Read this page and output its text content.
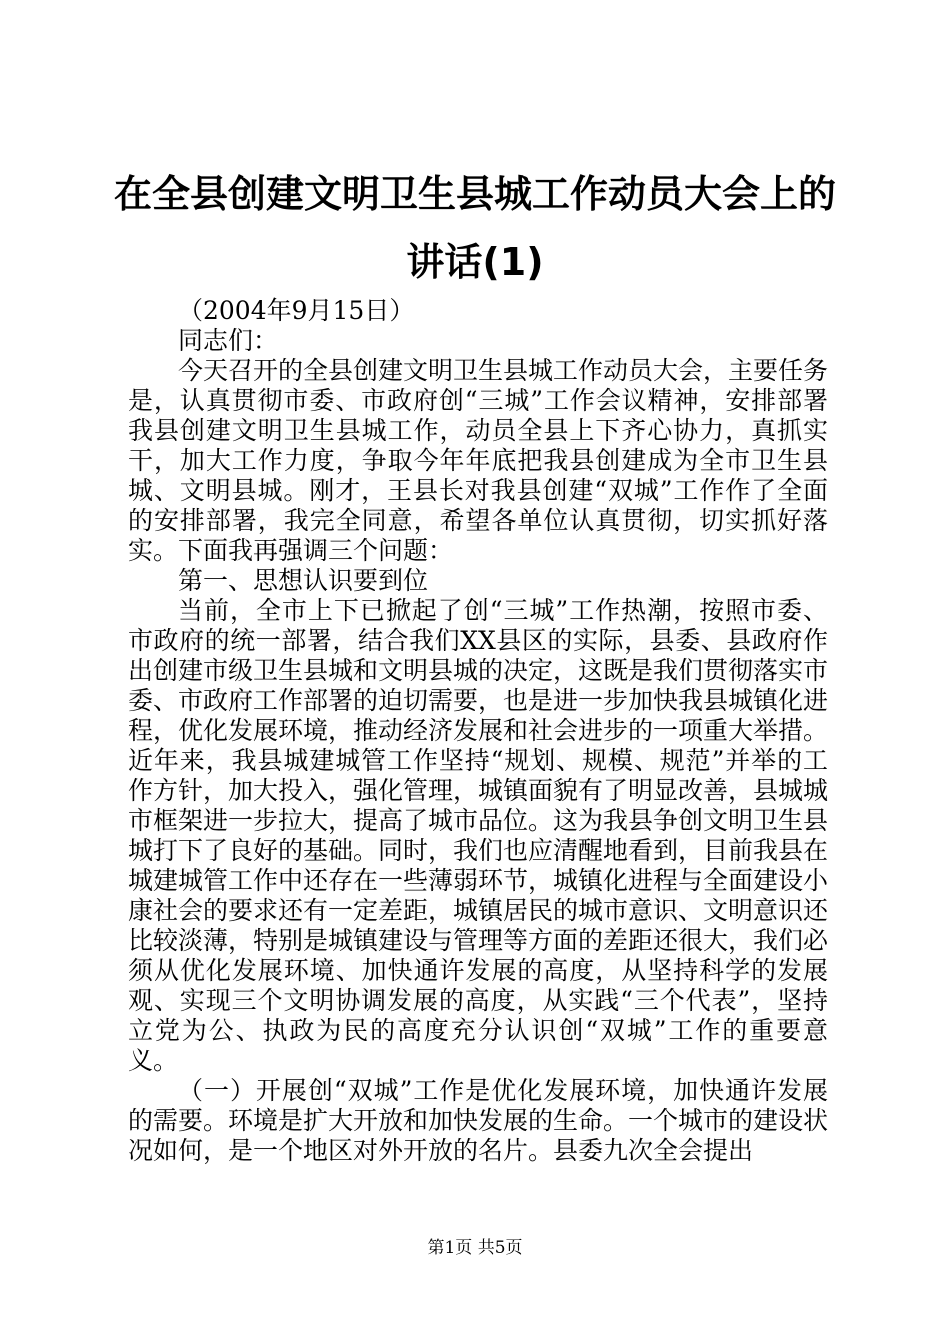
在全县创建文明卫生县城工作动员大会上的讲话(1)

（2004年9月15日）

同志们：

今天召开的全县创建文明卫生县城工作动员大会，主要任务是，认真贯彻市委、市政府创“三城”工作会议精神，安排部署我县创建文明卫生县城工作，动员全县上下齐心协力，真抓实干，加大工作力度，争取今年年底把我县创建成为全市卫生县城、文明县城。刚才，王县长对我县创建“双城”工作作了全面的安排部署，我完全同意，希望各单位认真贯彻，切实抓好落实。下面我再强调三个问题：

第一、思想认识要到位

当前，全市上下已掀起了创“三城”工作热潮，按照市委、市政府的统一部署，结合我们XX县区的实际，县委、县政府作出创建市级卫生县城和文明县城的决定，这既是我们贯彻落实市委、市政府工作部署的迫切需要，也是进一步加快我县城镇化进程，优化发展环境，推动经济发展和社会进步的一项重大举措。近年来，我县城建城管工作坚持“规划、规模、规范”并举的工作方针，加大投入，强化管理，城镇面貌有了明显改善，县城城市框架进一步拉大，提高了城市品位。这为我县争创文明卫生县城打下了良好的基础。同时，我们也应清醒地看到，目前我县在城建城管工作中还存在一些薄弱环节，城镇化进程与全面建设小康社会的要求还有一定差距，城镇居民的城市意识、文明意识还比较淡薄，特别是城镇建设与管理等方面的差距还很大，我们必须从优化发展环境、加快通许发展的高度，从坚持科学的发展观、实现三个文明协调发展的高度，从实践“三个代表”，坚持立党为公、执政为民的高度充分认识创“双城”工作的重要意义。

（一）开展创“双城”工作是优化发展环境，加快通许发展的需要。环境是扩大开放和加快发展的生命。一个城市的建设状况如何，是一个地区对外开放的名片。县委九次全会提出

第1页 共5页
